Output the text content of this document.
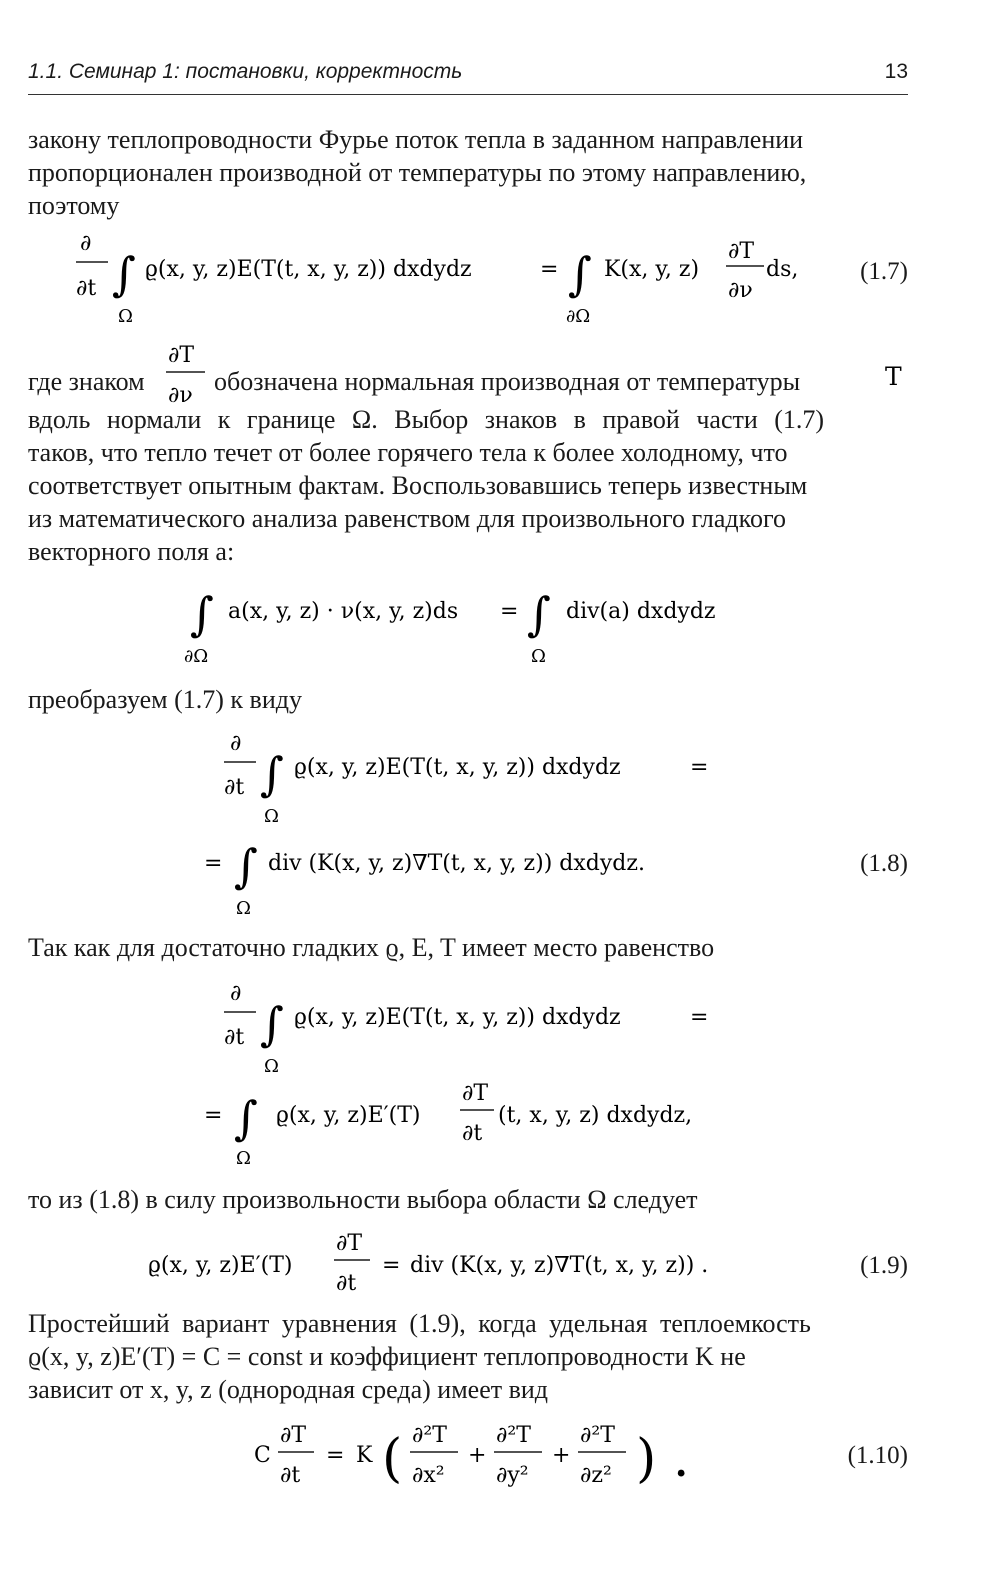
1.1. Семинар 1: постановки, корректность	13
закону теплопроводности Фурье поток тепла в заданном направлении
пропорционален производной от температуры по этому направлению,
поэтому
∂
∂t ∫
Ω
ϱ(x, y, z)E(T(t, x, y, z)) dxdydz	= ∫
∂Ω
K(x, y, z)
∂T
∂ν
ds,
∂T
∂ν
T
∫
∂Ω
a(x, y, z) · ν(x, y, z)ds = ∫
Ω
div(a) dxdydz
∂
∂t ∫
Ω
ϱ(x, y, z)E(T(t, x, y, z)) dxdydz	=
= ∫
Ω
div (K(x, y, z)∇T(t, x, y, z)) dxdydz.
∂
∂t ∫
Ω
ϱ(x, y, z)E(T(t, x, y, z)) dxdydz	=
= ∫
Ω
ϱ(x, y, z)E′(T)
∂T
∂t
(t, x, y, z) dxdydz,
ϱ(x, y, z)E′(T)
∂T
∂t
= div (K(x, y, z)∇T(t, x, y, z)) .
C
∂T
∂t
= K ( ∂²T
∂x²
+
∂²T
∂y²
+
∂²T
∂z² ) .
(1.7)
где знаком	обозначена нормальная производная от температуры
вдоль нормали к границе Ω. Выбор знаков в правой части (1.7)
таков, что тепло течет от более горячего тела к более холодному, что
соответствует опытным фактам. Воспользовавшись теперь известным
из математического анализа равенством для произвольного гладкого
векторного поля a:
преобразуем (1.7) к виду
(1.8)
Так как для достаточно гладких ϱ, E, T имеет место равенство
то из (1.8) в силу произвольности выбора области Ω следует
(1.9)
Простейший вариант уравнения (1.9), когда удельная теплоемкость
ϱ(x, y, z)E′(T) = C = const и коэффициент теплопроводности K не
зависит от x, y, z (однородная среда) имеет вид
(1.10)
